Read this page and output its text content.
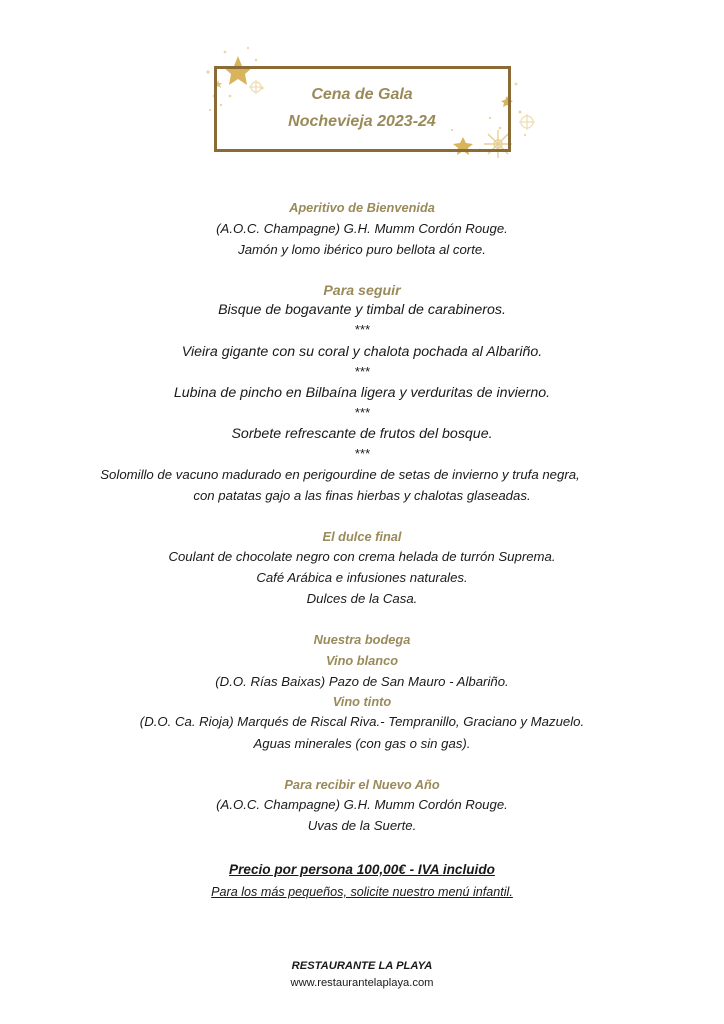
Cena de Gala
Nochevieja 2023-24
Aperitivo de Bienvenida
(A.O.C. Champagne) G.H. Mumm Cordón Rouge.
Jamón y lomo ibérico puro bellota al corte.
Para seguir
Bisque de bogavante y timbal de carabineros.
***
Vieira gigante con su coral y chalota pochada al Albariño.
***
Lubina de pincho en Bilbaína ligera y verduritas de invierno.
***
Sorbete refrescante de frutos del bosque.
***
Solomillo de vacuno madurado en perigourdine de setas de invierno y trufa negra,
con patatas gajo a las finas hierbas y chalotas glaseadas.
El dulce final
Coulant de chocolate negro con crema helada de turrón Suprema.
Café Arábica e infusiones naturales.
Dulces de la Casa.
Nuestra bodega
Vino blanco
(D.O. Rías Baixas) Pazo de San Mauro - Albariño.
Vino tinto
(D.O. Ca. Rioja) Marqués de Riscal Riva.- Tempranillo, Graciano y Mazuelo.
Aguas minerales (con gas o sin gas).
Para recibir el Nuevo Año
(A.O.C. Champagne) G.H. Mumm Cordón Rouge.
Uvas de la Suerte.
Precio por persona 100,00€ - IVA incluido
Para los más pequeños, solicite nuestro menú infantil.
RESTAURANTE LA PLAYA
www.restaurantelaplaya.com
